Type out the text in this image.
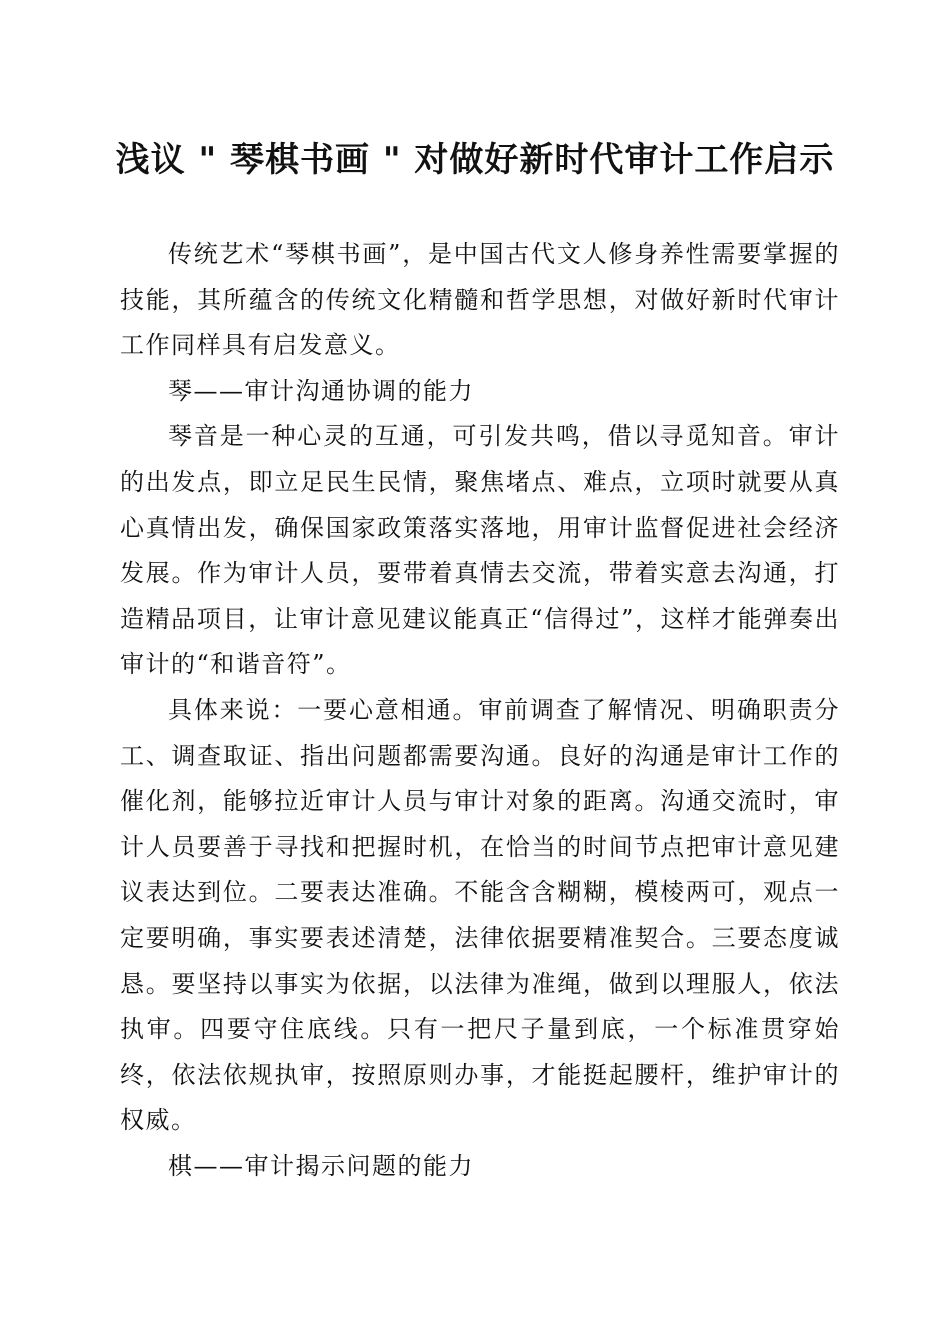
浅议 " 琴棋书画 " 对做好新时代审计工作启示

传统艺术“琴棋书画”，是中国古代文人修身养性需要掌握的技能，其所蕴含的传统文化精髓和哲学思想，对做好新时代审计工作同样具有启发意义。

琴——审计沟通协调的能力

琴音是一种心灵的互通，可引发共鸣，借以寻觅知音。审计的出发点，即立足民生民情，聚焦堵点、难点，立项时就要从真心真情出发，确保国家政策落实落地，用审计监督促进社会经济发展。作为审计人员，要带着真情去交流，带着实意去沟通，打造精品项目，让审计意见建议能真正“信得过”，这样才能弹奏出审计的“和谐音符”。

具体来说：一要心意相通。审前调查了解情况、明确职责分工、调查取证、指出问题都需要沟通。良好的沟通是审计工作的催化剂，能够拉近审计人员与审计对象的距离。沟通交流时，审计人员要善于寻找和把握时机，在恰当的时间节点把审计意见建议表达到位。二要表达准确。不能含含糊糊，模棱两可，观点一定要明确，事实要表述清楚，法律依据要精准契合。三要态度诚恳。要坚持以事实为依据，以法律为准绳，做到以理服人，依法执审。四要守住底线。只有一把尺子量到底，一个标准贯穿始终，依法依规执审，按照原则办事，才能挺起腰杆，维护审计的权威。

棋——审计揭示问题的能力
